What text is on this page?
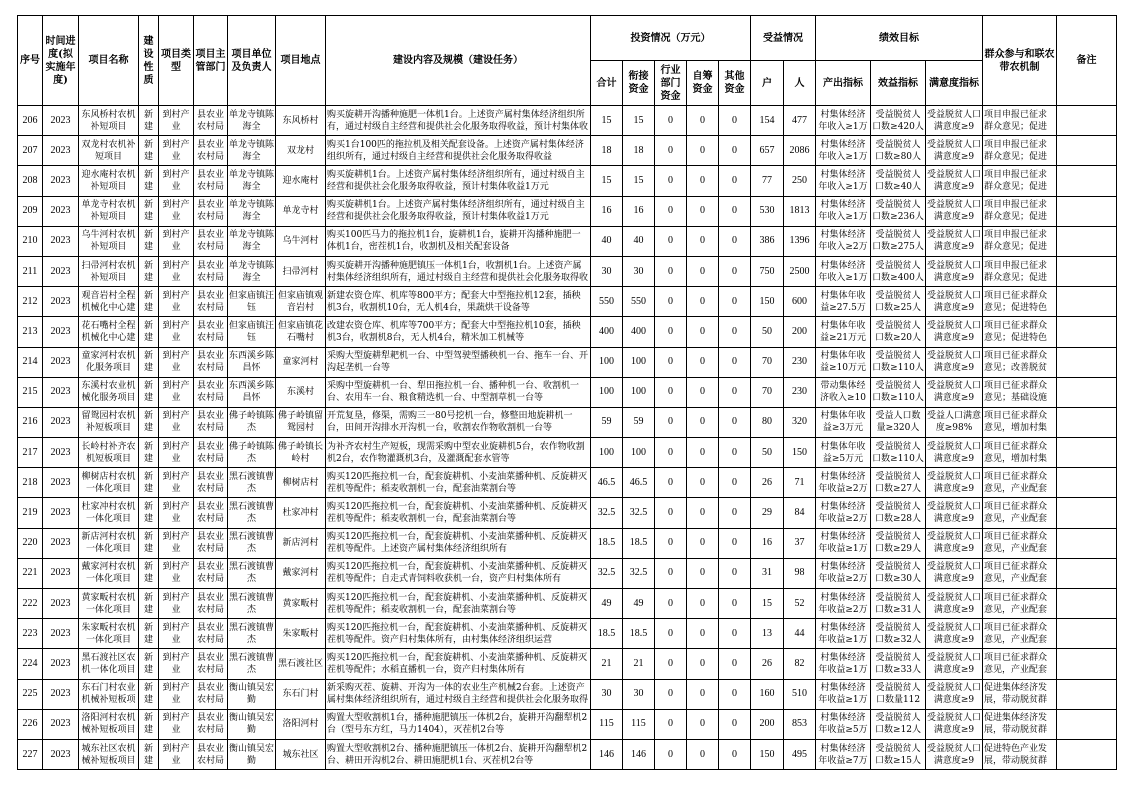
序号	时间进度(拟实施年度)	项目名称	建设性质	项目类型	项目主管部门	项目单位及负责人	项目地点	建设内容及规模（建设任务）	投资情况（万元）					受益情况		绩效目标			群众参与和联农带农机制	备注
									合计	衔接资金	行业部门资金	自筹资金	其他资金	户	人	产出指标	效益指标	满意度指标		

206	2023	东风桥村农机补短项目	新建	到村产业	县农业农村局	单龙寺镇陈海全	东风桥村	购买旋耕开沟播种施肥一体机1台。上述资产属村集体经济组织所有，通过村级自主经营和提供社会化服务取得收益，预计村集体收	15	15	0	0	0	154	477	村集体经济年收入≥1万	受益脱贫人口数≥420人	受益脱贫人口满意度≥9	项目申报已征求群众意见；促进	

207	2023	双龙村农机补短项目	新建	到村产业	县农业农村局	单龙寺镇陈海全	双龙村	购买1台100匹的拖拉机及相关配套设备。上述资产属村集体经济组织所有，通过村级自主经营和提供社会化服务取得收益	18	18	0	0	0	657	2086	村集体经济年收入≥1万	受益脱贫人口数≥80人	受益脱贫人口满意度≥9	项目申报已征求群众意见；促进	

208	2023	迎水庵村农机补短项目	新建	到村产业	县农业农村局	单龙寺镇陈海全	迎水庵村	购买旋耕机1台。上述资产属村集体经济组织所有，通过村级自主经营和提供社会化服务取得收益，预计村集体收益1万元	15	15	0	0	0	77	250	村集体经济年收入≥1万	受益脱贫人口数≥40人	受益脱贫人口满意度≥9	项目申报已征求群众意见；促进	

209	2023	单龙寺村农机补短项目	新建	到村产业	县农业农村局	单龙寺镇陈海全	单龙寺村	购买旋耕机1台。上述资产属村集体经济组织所有，通过村级自主经营和提供社会化服务取得收益，预计村集体收益1万元	16	16	0	0	0	530	1813	村集体经济年收入≥1万	受益脱贫人口数≥236人	受益脱贫人口满意度≥9	项目申报已征求群众意见；促进	

210	2023	乌牛河村农机补短项目	新建	到村产业	县农业农村局	单龙寺镇陈海全	乌牛河村	购买100匹马力的拖拉机1台，旋耕机1台，旋耕开沟播种施肥一体机1台，密茬机1台，收割机及相关配套设备	40	40	0	0	0	386	1396	村集体经济年收入≥2万	受益脱贫人口数≥275人	受益脱贫人口满意度≥9	项目申报已征求群众意见；促进	

211	2023	扫帚河村农机补短项目	新建	到村产业	县农业农村局	单龙寺镇陈海全	扫帚河村	购买旋耕开沟播种施肥镇压一体机1台，收割机1台。上述资产属村集体经济组织所有，通过村级自主经营和提供社会化服务取得收	30	30	0	0	0	750	2500	村集体经济年收入≥1万	受益脱贫人口数≥400人	受益脱贫人口满意度≥9	项目申报已征求群众意见；促进	

212	2023	观音岩村全程机械化中心建	新建	到村产业	县农业农村局	但家庙镇汪钰	但家庙镇观音岩村	新建农资仓库、机库等800平方；配套大中型拖拉机12套，插秧机3台，收割机10台，无人机4台，果蔬烘干设备等	550	550	0	0	0	150	600	村集体年收益≥27.5万	受益脱贫人口数≥25人	受益脱贫人口满意度≥9	项目已征求群众意见；促进特色	

213	2023	花石嘴村全程机械化中心建	新建	到村产业	县农业农村局	但家庙镇汪钰	但家庙镇花石嘴村	改建农资仓库、机库等700平方；配套大中型拖拉机10套，插秧机3台，收割机8台，无人机4台，精米加工机械等	400	400	0	0	0	50	200	村集体年收益≥21万元	受益脱贫人口数≥20人	受益脱贫人口满意度≥9	项目已征求群众意见；促进特色	

214	2023	童家河村农机化服务项目	新建	到村产业	县农业农村局	东西溪乡陈昌怀	童家河村	采购大型旋耕犁耙机一台、中型驾驶型播秧机一台、拖车一台、开沟起垄机一台等	100	100	0	0	0	70	230	村集体年收益≥10万元	受益脱贫人口数≥110人	受益脱贫人口满意度≥9	项目已征求群众意见；改善脱贫	

215	2023	东溪村农业机械化服务项目	新建	到村产业	县农业农村局	东西溪乡陈昌怀	东溪村	采购中型旋耕机一台、犁田拖拉机一台、播种机一台、收割机一台、农用车一台、粮食精选机一台、中型割草机一台等	100	100	0	0	0	70	230	带动集体经济收入≥10	受益脱贫人口数≥110人	受益脱贫人口满意度≥9	项目已征求群众意见；基础设施	

216	2023	留鸳园村农机补短板项目	新建	到村产业	县农业农村局	佛子岭镇陈杰	佛子岭镇留鸳园村	开荒复垦，修渠，需购三一80号挖机一台，修整田地旋耕机一台，田间开沟排水开沟机一台，收割农作物收割机一台等	59	59	0	0	0	80	320	村集体年收益≥3万元	受益人口数量≥320人	受益人口满意度≥98%	项目已征求群众意见，增加村集	

217	2023	长岭村补齐农机短板项目	新建	到村产业	县农业农村局	佛子岭镇陈杰	佛子岭镇长岭村	为补齐农村生产短板，现需采购中型农业旋耕机5台，农作物收割机2台，农作物灌溉机3台，及灌溉配套水管等	100	100	0	0	0	50	150	村集体年收益≥5万元	受益脱贫人口数≥110人	受益脱贫人口满意度≥9	项目已征求群众意见，增加村集	

218	2023	柳树店村农机一体化项目	新建	到村产业	县农业农村局	黑石渡镇曹杰	柳树店村	购买120匹拖拉机一台，配套旋耕机、小麦油菜播种机、反旋耕灭茬机等配件；稻麦收割机一台，配套油菜割台等	46.5	46.5	0	0	0	26	71	村集体经济年收益≥2万	受益脱贫人口数≥27人	受益脱贫人口满意度≥9	项目已征求群众意见，产业配套	

219	2023	杜家冲村农机一体化项目	新建	到村产业	县农业农村局	黑石渡镇曹杰	杜家冲村	购买120匹拖拉机一台，配套旋耕机、小麦油菜播种机、反旋耕灭茬机等配件；稻麦收割机一台，配套油菜割台等	32.5	32.5	0	0	0	29	84	村集体经济年收益≥2万	受益脱贫人口数≥28人	受益脱贫人口满意度≥9	项目已征求群众意见，产业配套	

220	2023	新店河村农机一体化项目	新建	到村产业	县农业农村局	黑石渡镇曹杰	新店河村	购买120匹拖拉机一台，配套旋耕机、小麦油菜播种机、反旋耕灭茬机等配件。上述资产属村集体经济组织所有	18.5	18.5	0	0	0	16	37	村集体经济年收益≥1万	受益脱贫人口数≥29人	受益脱贫人口满意度≥9	项目已征求群众意见，产业配套	

221	2023	戴家河村农机一体化项目	新建	到村产业	县农业农村局	黑石渡镇曹杰	戴家河村	购买120匹拖拉机一台，配套旋耕机、小麦油菜播种机、反旋耕灭茬机等配件；自走式青饲料收获机一台，资产归村集体所有	32.5	32.5	0	0	0	31	98	村集体经济年收益≥2万	受益脱贫人口数≥30人	受益脱贫人口满意度≥9	项目已征求群众意见，产业配套	

222	2023	黄家畈村农机一体化项目	新建	到村产业	县农业农村局	黑石渡镇曹杰	黄家畈村	购买120匹拖拉机一台，配套旋耕机、小麦油菜播种机、反旋耕灭茬机等配件；稻麦收割机一台，配套油菜割台等	49	49	0	0	0	15	52	村集体经济年收益≥2万	受益脱贫人口数≥31人	受益脱贫人口满意度≥9	项目已征求群众意见，产业配套	

223	2023	朱家畈村农机一体化项目	新建	到村产业	县农业农村局	黑石渡镇曹杰	朱家畈村	购买120匹拖拉机一台，配套旋耕机、小麦油菜播种机、反旋耕灭茬机等配件。资产归村集体所有，由村集体经济组织运营	18.5	18.5	0	0	0	13	44	村集体经济年收益≥1万	受益脱贫人口数≥32人	受益脱贫人口满意度≥9	项目已征求群众意见，产业配套	

224	2023	黑石渡社区农机一体化项目	新建	到村产业	县农业农村局	黑石渡镇曹杰	黑石渡社区	购买120匹拖拉机一台，配套旋耕机、小麦油菜播种机、反旋耕灭茬机等配件；水稻直播机一台，资产归村集体所有	21	21	0	0	0	26	82	村集体经济年收益≥1万	受益脱贫人口数≥33人	受益脱贫人口满意度≥9	项目已征求群众意见，产业配套	

225	2023	东石门村农业机械补短板项	新建	到村产业	县农业农村局	衡山镇吴宏勤	东石门村	新采购灭茬、旋耕、开沟为一体的农业生产机械2台套。上述资产属村集体经济组织所有，通过村级自主经营和提供社会化服务取得	30	30	0	0	0	160	510	村集体经济年收益≥1万	受益脱贫人口数量112	受益脱贫人口满意度≥9	促进集体经济发展，带动脱贫群	

226	2023	洛阳河村农机械补短板项目	新建	到村产业	县农业农村局	衡山镇吴宏勤	洛阳河村	购置大型收割机1台，播种施肥镇压一体机2台，旋耕开沟翻犁机2台（型号东方红，马力1404），灭茬机2台等	115	115	0	0	0	200	853	村集体经济年收益≥5万	受益脱贫人口数≥12人	受益脱贫人口满意度≥9	促进集体经济发展，带动脱贫群	

227	2023	城东社区农机械补短板项目	新建	到村产业	县农业农村局	衡山镇吴宏勤	城东社区	购置大型收割机2台、播种施肥镇压一体机2台、旋耕开沟翻犁机2台、耕田开沟机2台、耕田施肥机1台、灭茬机2台等	146	146	0	0	0	150	495	村集体经济年收益≥7万	受益脱贫人口数≥15人	受益脱贫人口满意度≥9	促进特色产业发展，带动脱贫群	
